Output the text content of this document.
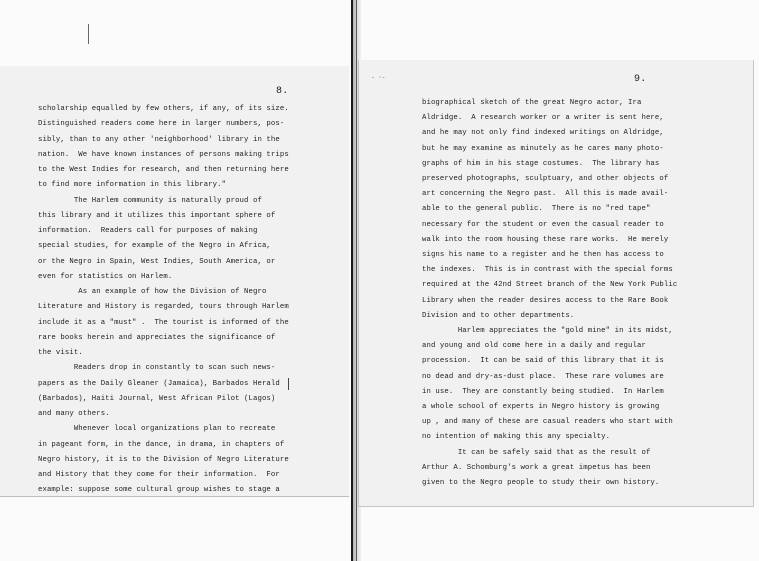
8.
scholarship equalled by few others, if any, of its size.
Distinguished readers come here in larger numbers, pos-
sibly, than to any other 'neighborhood' library in the
nation.  We have known instances of persons making trips
to the West Indies for research, and then returning here
to find more information in this library."
The Harlem community is naturally proud of
this library and it utilizes this important sphere of
information.  Readers call for purposes of making
special studies, for example of the Negro in Africa,
or the Negro in Spain, West Indies, South America, or
even for statistics on Harlem.
As an example of how the Division of Negro
Literature and History is regarded, tours through Harlem
include it as a "must" .  The tourist is informed of the
rare books herein and appreciates the significance of
the visit.
Readers drop in constantly to scan such news-
papers as the Daily Gleaner (Jamaica), Barbados Herald
(Barbados), Haiti Journal, West African Pilot (Lagos)
and many others.
Whenever local organizations plan to recreate
in pageant form, in the dance, in drama, in chapters of
Negro history, it is to the Division of Negro Literature
and History that they come for their information.  For
example: suppose some cultural group wishes to stage a
9.
- ·-
biographical sketch of the great Negro actor, Ira
Aldridge.  A research worker or a writer is sent here,
and he may not only find indexed writings on Aldridge,
but he may examine as minutely as he cares many photo-
graphs of him in his stage costumes.  The library has
preserved photographs, sculptuary, and other objects of
art concerning the Negro past.  All this is made avail-
able to the general public.  There is no "red tape"
necessary for the student or even the casual reader to
walk into the room housing these rare works.  He merely
signs his name to a register and he then has access to
the indexes.  This is in contrast with the special forms
required at the 42nd Street branch of the New York Public
Library when the reader desires access to the Rare Book
Division and to other departments.
Harlem appreciates the "gold mine" in its midst,
and young and old come here in a daily and regular
procession.  It can be said of this library that it is
no dead and dry-as-dust place.  These rare volumes are
in use.  They are constantly being studied.  In Harlem
a whole school of experts in Negro history is growing
up , and many of these are casual readers who start with
no intention of making this any specialty.
It can be safely said that as the result of
Arthur A. Schomburg's work a great impetus has been
given to the Negro people to study their own history.
